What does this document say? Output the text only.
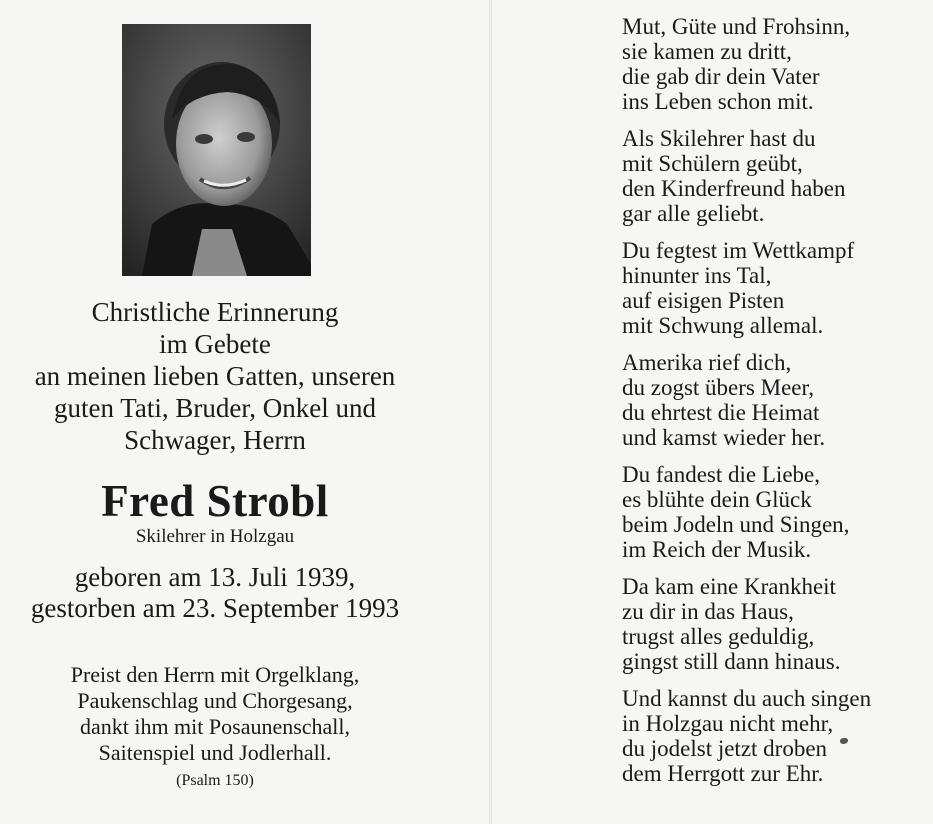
Christliche Erinnerung
im Gebete
an meinen lieben Gatten, unseren
guten Tati, Bruder, Onkel und
Schwager, Herrn
Fred Strobl
Skilehrer in Holzgau
geboren am 13. Juli 1939,
gestorben am 23. September 1993
Preist den Herrn mit Orgelklang,
Paukenschlag und Chorgesang,
dankt ihm mit Posaunenschall,
Saitenspiel und Jodlerhall.
(Psalm 150)
Mut, Güte und Frohsinn,
sie kamen zu dritt,
die gab dir dein Vater
ins Leben schon mit.
Als Skilehrer hast du
mit Schülern geübt,
den Kinderfreund haben
gar alle geliebt.
Du fegtest im Wettkampf
hinunter ins Tal,
auf eisigen Pisten
mit Schwung allemal.
Amerika rief dich,
du zogst übers Meer,
du ehrtest die Heimat
und kamst wieder her.
Du fandest die Liebe,
es blühte dein Glück
beim Jodeln und Singen,
im Reich der Musik.
Da kam eine Krankheit
zu dir in das Haus,
trugst alles geduldig,
gingst still dann hinaus.
Und kannst du auch singen
in Holzgau nicht mehr,
du jodelst jetzt droben
dem Herrgott zur Ehr.
